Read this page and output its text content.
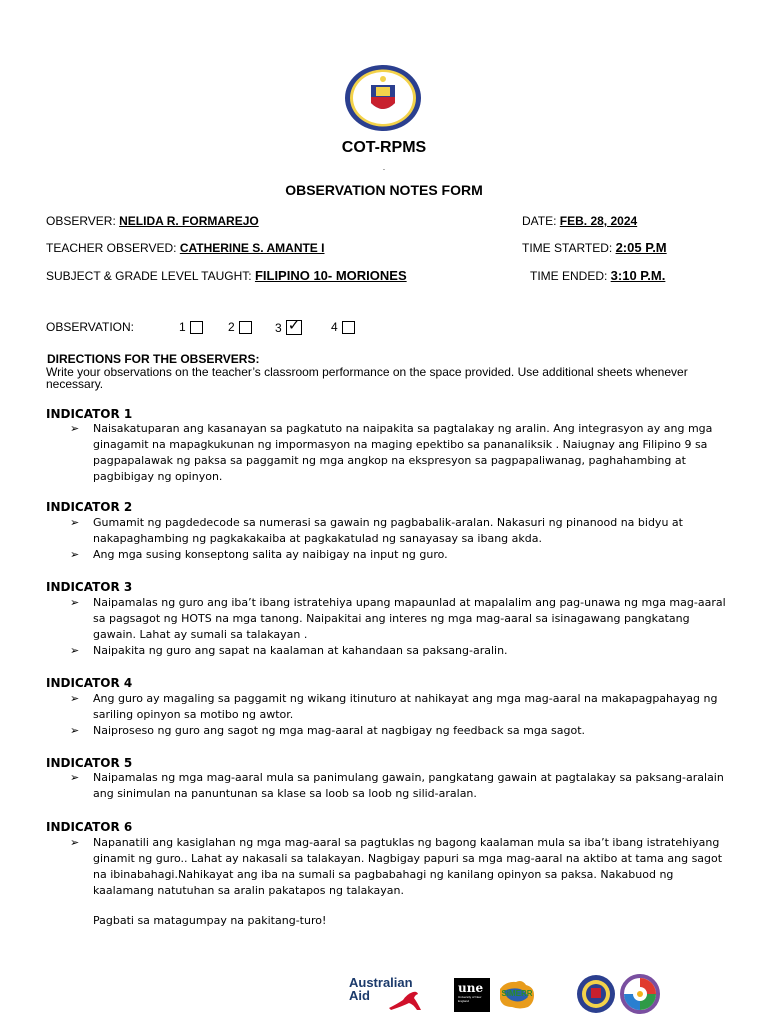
COT-RPMS
.
OBSERVATION NOTES FORM
OBSERVER: NELIDA R. FORMAREJO	DATE: FEB. 28, 2024
TEACHER OBSERVED: CATHERINE S. AMANTE I	TIME STARTED: 2:05 P.M
SUBJECT & GRADE LEVEL TAUGHT: FILIPINO 10- MORIONES	TIME ENDED: 3:10 P.M.
OBSERVATION:	1	2	3 ✓	4
DIRECTIONS FOR THE OBSERVERS:
Write your observations on the teacher’s classroom performance on the space provided. Use additional sheets whenever necessary.
INDICATOR 1
➢ Naisakatuparan ang kasanayan sa pagkatuto na naipakita sa pagtalakay ng aralin. Ang integrasyon ay ang mga ginagamit na mapagkukunan ng impormasyon na maging epektibo sa pananaliksik . Naiugnay ang Filipino 9 sa pagpapalawak ng paksa sa paggamit ng mga angkop na ekspresyon sa pagpapaliwanag, paghahambing at pagbibigay ng opinyon.
INDICATOR 2
➢ Gumamit ng pagdedecode sa numerasi sa gawain ng pagbabalik-aralan. Nakasuri ng pinanood na bidyu at nakapaghambing ng pagkakakaiba at pagkakatulad ng sanayasay sa ibang akda.
➢ Ang mga susing konseptong salita ay naibigay na input ng guro.
INDICATOR 3
➢ Naipamalas ng guro ang iba’t ibang istratehiya upang mapaunlad at mapalalim ang pag-unawa ng mga mag-aaral sa pagsagot ng HOTS na mga tanong. Naipakitai ang interes ng mga mag-aaral sa isinagawang pangkatang gawain. Lahat ay sumali sa talakayan .
➢ Naipakita ng guro ang sapat na kaalaman at kahandaan sa paksang-aralin.
INDICATOR 4
➢ Ang guro ay magaling sa paggamit ng wikang itinuturo at nahikayat ang mga mag-aaral na makapagpahayag ng sariling opinyon sa motibo ng awtor.
➢ Naiproseso ng guro ang sagot ng mga mag-aaral at nagbigay ng feedback sa mga sagot.
INDICATOR 5
➢ Naipamalas ng mga mag-aaral mula sa panimulang gawain, pangkatang gawain at pagtalakay sa paksang-aralain ang sinimulan na panuntunan sa klase sa loob sa loob ng silid-aralan.
INDICATOR 6
➢ Napanatili ang kasiglahan ng mga mag-aaral sa pagtuklas ng bagong kaalaman mula sa iba’t ibang istratehiyang ginamit ng guro.. Lahat ay nakasali sa talakayan. Nagbigay papuri sa mga mag-aaral na aktibo at tama ang sagot na ibinabahagi.Nahikayat ang iba na sumali sa pagbabahagi ng kanilang opinyon sa paksa. Nakabuod ng kaalamang natutuhan sa aralin pakatapos ng talakayan.
Pagbati sa matagumpay na pakitang-turo!
Australian
Aid	une
University of New England
SiMERR
